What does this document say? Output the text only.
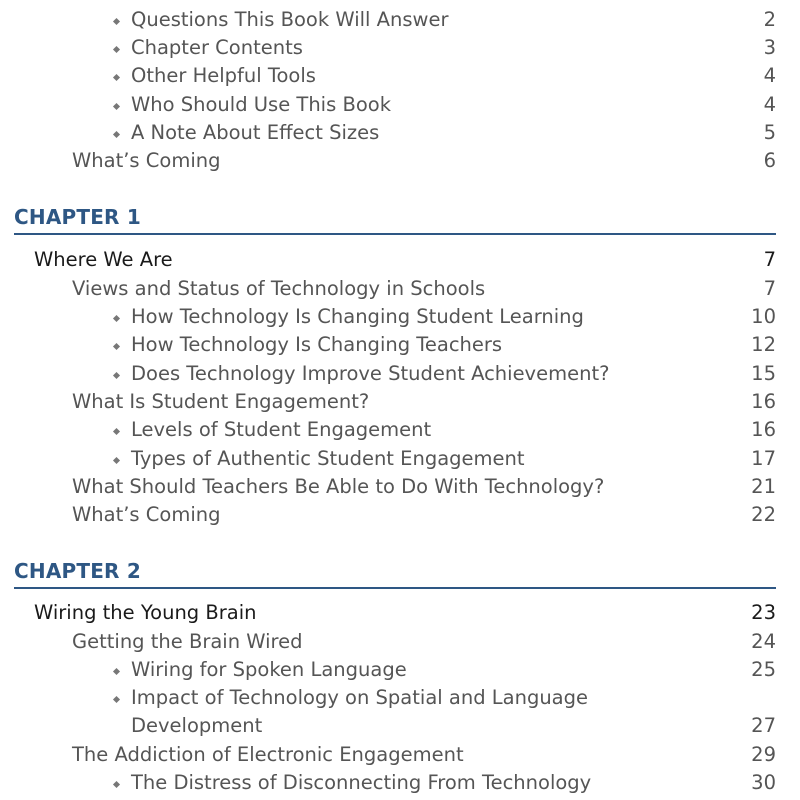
Questions This Book Will Answer	2
Chapter Contents	3
Other Helpful Tools	4
Who Should Use This Book	4
A Note About Effect Sizes	5
What’s Coming	6
CHAPTER 1
Where We Are	7
Views and Status of Technology in Schools	7
How Technology Is Changing Student Learning	10
How Technology Is Changing Teachers	12
Does Technology Improve Student Achievement?	15
What Is Student Engagement?	16
Levels of Student Engagement	16
Types of Authentic Student Engagement	17
What Should Teachers Be Able to Do With Technology?	21
What’s Coming	22
CHAPTER 2
Wiring the Young Brain	23
Getting the Brain Wired	24
Wiring for Spoken Language	25
Impact of Technology on Spatial and Language
Development	27
The Addiction of Electronic Engagement	29
The Distress of Disconnecting From Technology	30
